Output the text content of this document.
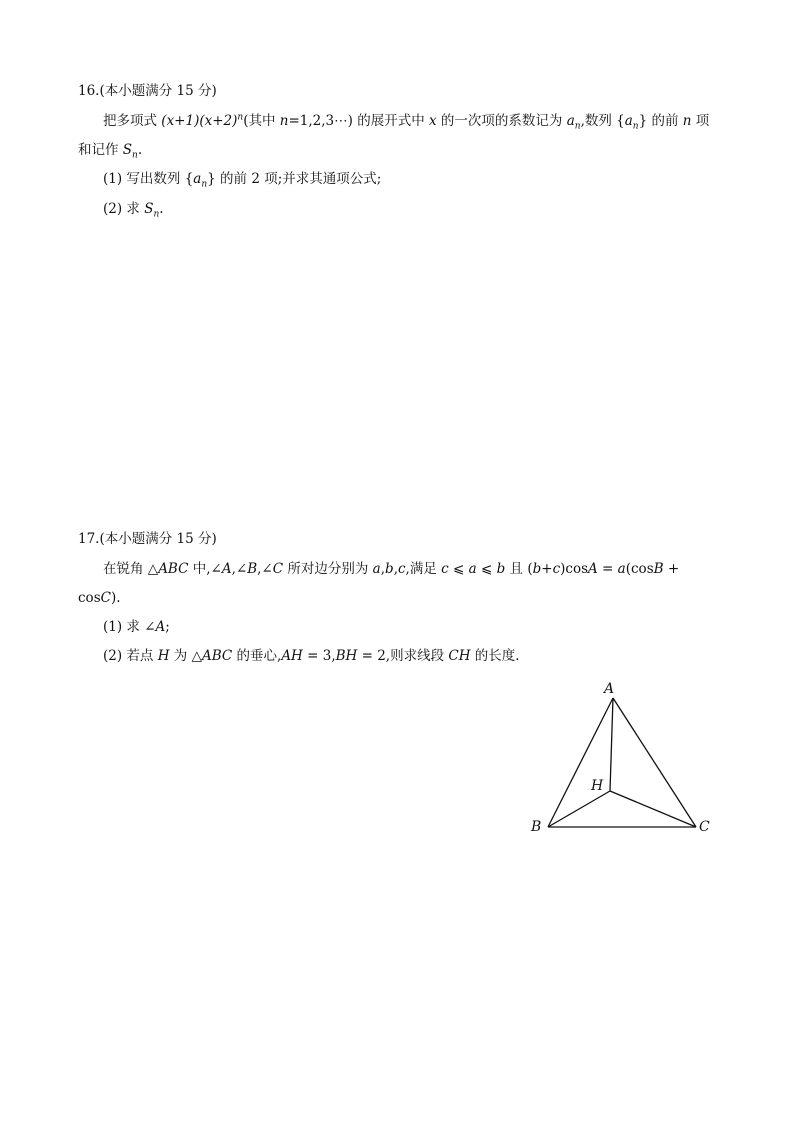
16.(本小题满分 15 分)
把多项式 $(x+1)(x+2)^n$(其中 n=1,2,3⋯) 的展开式中 x 的一次项的系数记为 $a_n$,数列 $\{a_n\}$ 的前 n 项
和记作 $S_n$.
(1) 写出数列 $\{a_n\}$ 的前 2 项;并求其通项公式;
(2) 求 $S_n$.
17.(本小题满分 15 分)
在锐角 △ABC 中,∠A,∠B,∠C 所对边分别为 a,b,c,满足 c ⩽ a ⩽ b 且 (b+c)cosA = a(cosB +
cosC).
(1) 求 ∠A;
(2) 若点 H 为 △ABC 的垂心,AH = 3,BH = 2,则求线段 CH 的长度.
A
B	C
H
